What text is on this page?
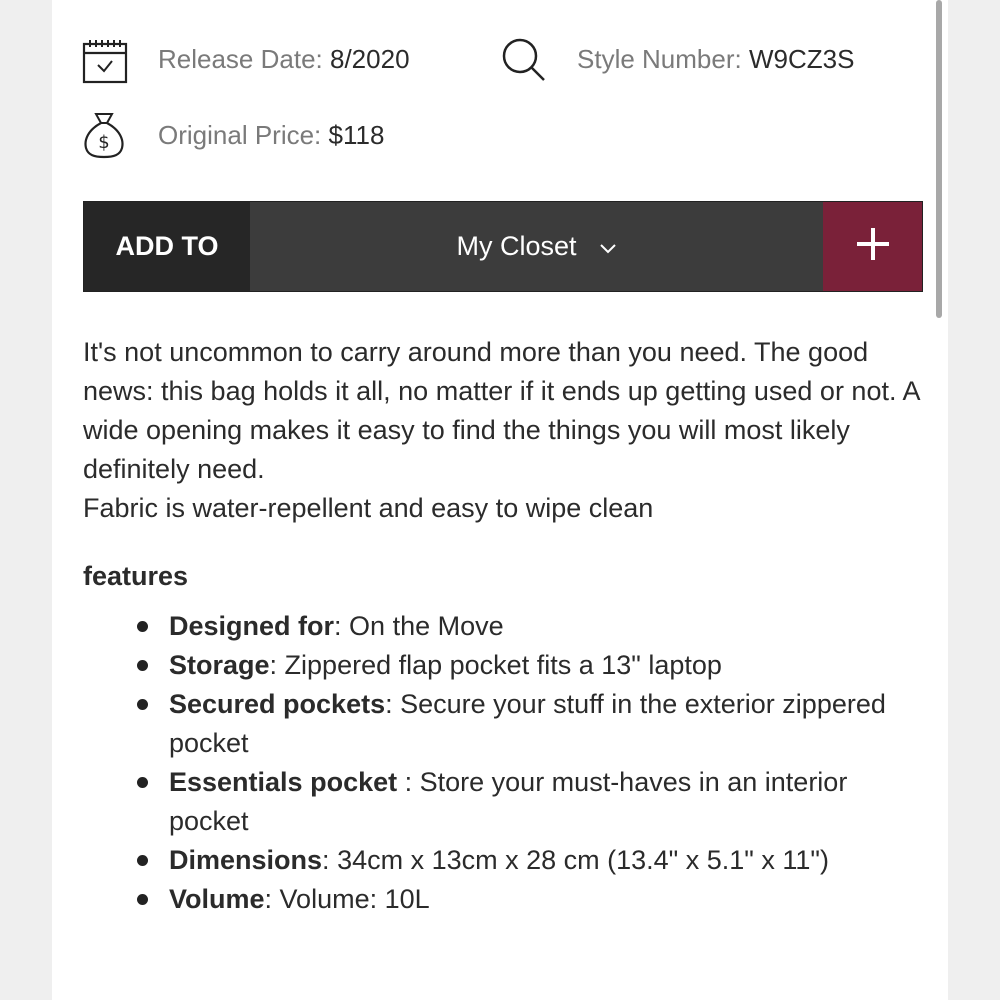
Release Date:
8/2020	Style Number:
W9CZ3S
$ Original Price:
$118
ADD TO	My Closet

It's not uncommon to carry around more than you need. The good news: this bag holds it all, no matter if it ends up getting used or not. A wide opening makes it easy to find the things you will most likely definitely need.

Fabric is water-repellent and easy to wipe clean

features
Designed for: On the Move
Storage: Zippered flap pocket fits a 13" laptop
Secured pockets: Secure your stuff in the exterior zippered pocket
Essentials pocket : Store your must-haves in an interior pocket
Dimensions: 34cm x 13cm x 28 cm (13.4" x 5.1" x 11")
Volume: Volume: 10L
